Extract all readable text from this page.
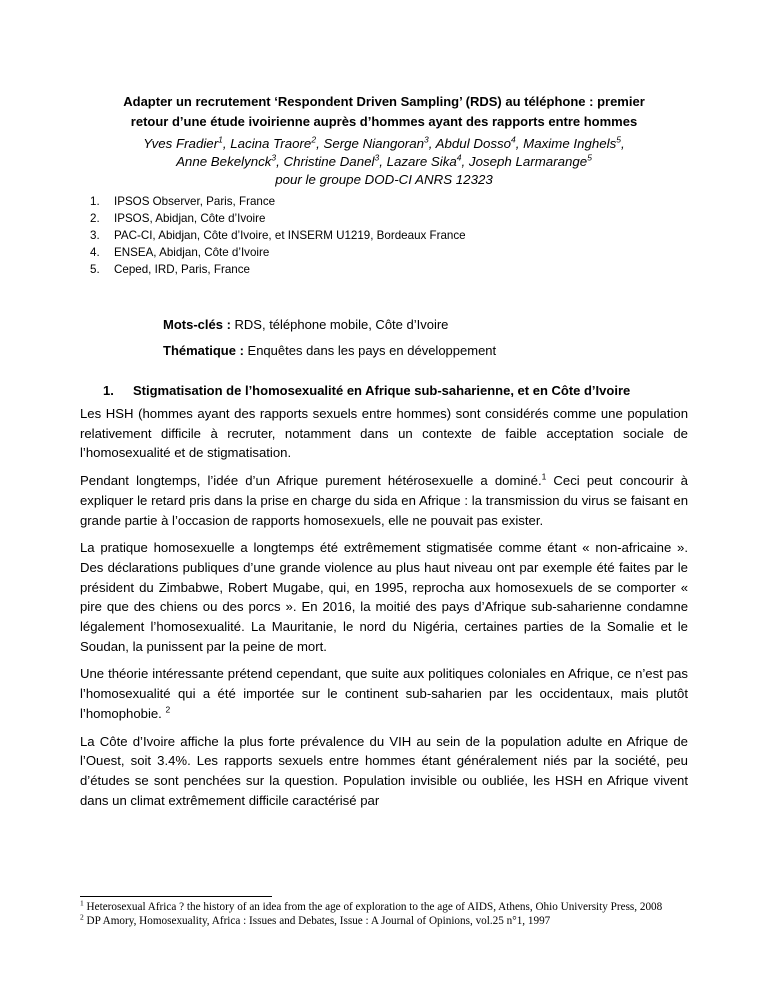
Adapter un recrutement ‘Respondent Driven Sampling’ (RDS) au téléphone : premier
retour d’une étude ivoirienne auprès d’hommes ayant des rapports entre hommes
Yves Fradier$^1$, Lacina Traore$^2$, Serge Niangoran$^3$, Abdul Dosso$^4$, Maxime Inghels$^5$,
Anne Bekelynck$^3$, Christine Danel$^3$, Lazare Sika$^4$, Joseph Larmarange$^5$
pour le groupe DOD-CI ANRS 12323
1. IPSOS Observer, Paris, France
2. IPSOS, Abidjan, Côte d’Ivoire
3. PAC-CI, Abidjan, Côte d’Ivoire, et INSERM U1219, Bordeaux France
4. ENSEA, Abidjan, Côte d’Ivoire
5. Ceped, IRD, Paris, France
Mots-clés : RDS, téléphone mobile, Côte d’Ivoire
Thématique : Enquêtes dans les pays en développement
1. Stigmatisation de l’homosexualité en Afrique sub-saharienne, et en Côte d’Ivoire

Les HSH (hommes ayant des rapports sexuels entre hommes) sont considérés comme une population relativement difficile à recruter, notamment dans un contexte de faible acceptation sociale de l’homosexualité et de stigmatisation.

Pendant longtemps, l’idée d’un Afrique purement hétérosexuelle a dominé.$^1$ Ceci peut concourir à expliquer le retard pris dans la prise en charge du sida en Afrique : la transmission du virus se faisant en grande partie à l’occasion de rapports homosexuels, elle ne pouvait pas exister.

La pratique homosexuelle a longtemps été extrêmement stigmatisée comme étant « non-africaine ». Des déclarations publiques d’une grande violence au plus haut niveau ont par exemple été faites par le président du Zimbabwe, Robert Mugabe, qui, en 1995, reprocha aux homosexuels de se comporter « pire que des chiens ou des porcs ». En 2016, la moitié des pays d’Afrique sub-saharienne condamne légalement l’homosexualité. La Mauritanie, le nord du Nigéria, certaines parties de la Somalie et le Soudan, la punissent par la peine de mort.

Une théorie intéressante prétend cependant, que suite aux politiques coloniales en Afrique, ce n’est pas l’homosexualité qui a été importée sur le continent sub-saharien par les occidentaux, mais plutôt l’homophobie. $^2$

La Côte d’Ivoire affiche la plus forte prévalence du VIH au sein de la population adulte en Afrique de l’Ouest, soit 3.4%. Les rapports sexuels entre hommes étant généralement niés par la société, peu d’études se sont penchées sur la question. Population invisible ou oubliée, les HSH en Afrique vivent dans un climat extrêmement difficile caractérisé par

$^1$ Heterosexual Africa ? the history of an idea from the age of exploration to the age of AIDS, Athens, Ohio University Press, 2008
$^2$ DP Amory, Homosexuality, Africa : Issues and Debates, Issue : A Journal of Opinions, vol.25 n°1, 1997
